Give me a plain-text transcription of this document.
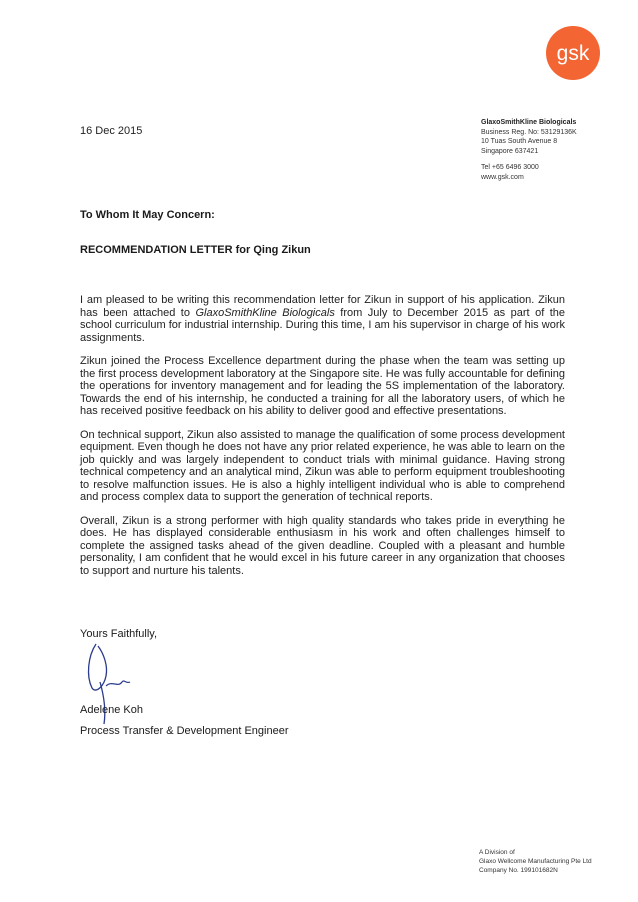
gsk
16 Dec 2015
GlaxoSmithKline Biologicals
Business Reg. No: 53129136K
10 Tuas South Avenue 8
Singapore 637421
Tel +65 6496 3000
www.gsk.com
To Whom It May Concern:
RECOMMENDATION LETTER for Qing Zikun

I am pleased to be writing this recommendation letter for Zikun in support of his application. Zikun has been attached to GlaxoSmithKline Biologicals from July to December 2015 as part of the school curriculum for industrial internship. During this time, I am his supervisor in charge of his work assignments.

Zikun joined the Process Excellence department during the phase when the team was setting up the first process development laboratory at the Singapore site. He was fully accountable for defining the operations for inventory management and for leading the 5S implementation of the laboratory. Towards the end of his internship, he conducted a training for all the laboratory users, of which he has received positive feedback on his ability to deliver good and effective presentations.

On technical support, Zikun also assisted to manage the qualification of some process development equipment. Even though he does not have any prior related experience, he was able to learn on the job quickly and was largely independent to conduct trials with minimal guidance. Having strong technical competency and an analytical mind, Zikun was able to perform equipment troubleshooting to resolve malfunction issues. He is also a highly intelligent individual who is able to comprehend and process complex data to support the generation of technical reports.

Overall, Zikun is a strong performer with high quality standards who takes pride in everything he does. He has displayed considerable enthusiasm in his work and often challenges himself to complete the assigned tasks ahead of the given deadline. Coupled with a pleasant and humble personality, I am confident that he would excel in his future career in any organization that chooses to support and nurture his talents.

Yours Faithfully,
Adelene Koh
Process Transfer & Development Engineer
A Division of
Glaxo Wellcome Manufacturing Pte Ltd
Company No. 199101682N
